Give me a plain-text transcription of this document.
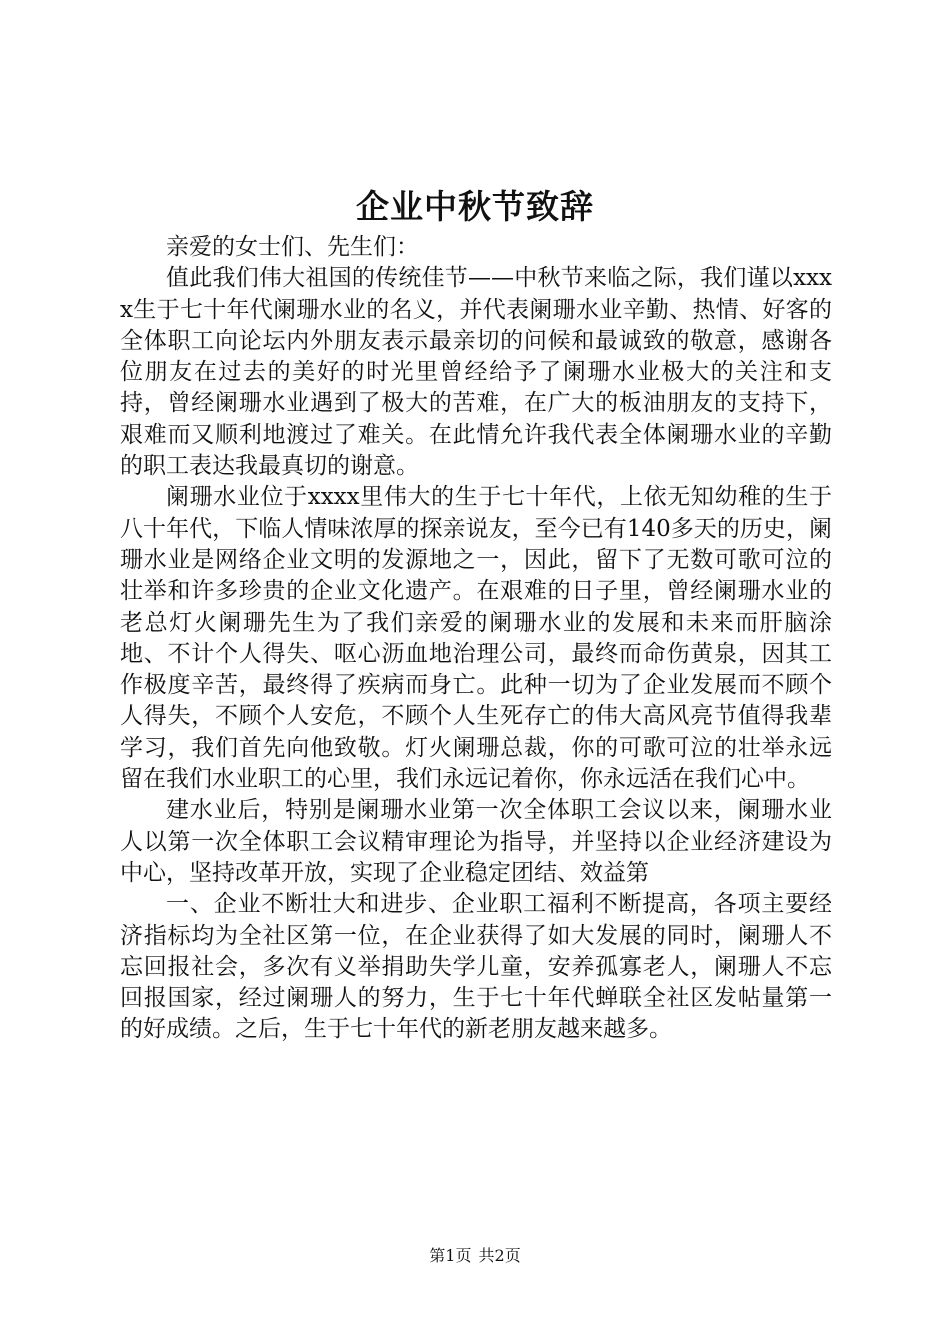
企业中秋节致辞

亲爱的女士们、先生们：

值此我们伟大祖国的传统佳节——中秋节来临之际，我们谨以xxxx生于七十年代阑珊水业的名义，并代表阑珊水业辛勤、热情、好客的全体职工向论坛内外朋友表示最亲切的问候和最诚致的敬意，感谢各位朋友在过去的美好的时光里曾经给予了阑珊水业极大的关注和支持，曾经阑珊水业遇到了极大的苦难，在广大的板油朋友的支持下，艰难而又顺利地渡过了难关。在此情允许我代表全体阑珊水业的辛勤的职工表达我最真切的谢意。

阑珊水业位于xxxx里伟大的生于七十年代，上依无知幼稚的生于八十年代，下临人情味浓厚的探亲说友，至今已有140多天的历史，阑珊水业是网络企业文明的发源地之一，因此，留下了无数可歌可泣的壮举和许多珍贵的企业文化遗产。在艰难的日子里，曾经阑珊水业的老总灯火阑珊先生为了我们亲爱的阑珊水业的发展和未来而肝脑涂地、不计个人得失、呕心沥血地治理公司，最终而命伤黄泉，因其工作极度辛苦，最终得了疾病而身亡。此种一切为了企业发展而不顾个人得失，不顾个人安危，不顾个人生死存亡的伟大高风亮节值得我辈学习，我们首先向他致敬。灯火阑珊总裁，你的可歌可泣的壮举永远留在我们水业职工的心里，我们永远记着你，你永远活在我们心中。

建水业后，特别是阑珊水业第一次全体职工会议以来，阑珊水业人以第一次全体职工会议精审理论为指导，并坚持以企业经济建设为中心，坚持改革开放，实现了企业稳定团结、效益第

一、企业不断壮大和进步、企业职工福利不断提高，各项主要经济指标均为全社区第一位，在企业获得了如大发展的同时，阑珊人不忘回报社会，多次有义举捐助失学儿童，安养孤寡老人，阑珊人不忘回报国家，经过阑珊人的努力，生于七十年代蝉联全社区发帖量第一的好成绩。之后，生于七十年代的新老朋友越来越多。

第1页 共2页
